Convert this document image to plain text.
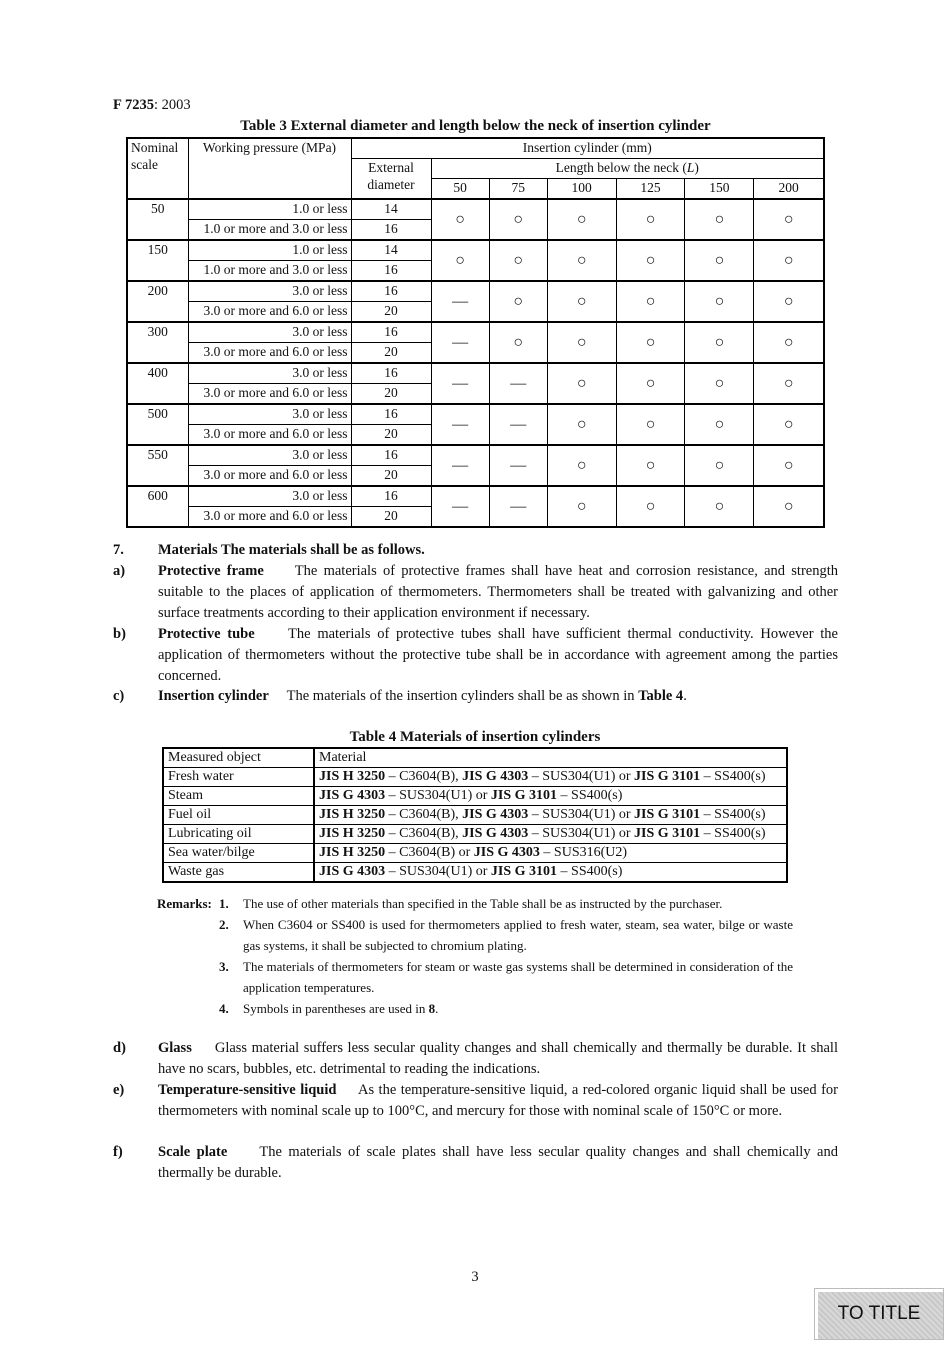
F 7235: 2003
Table 3 External diameter and length below the neck of insertion cylinder
Nominal scale	Working pressure (MPa)	Insertion cylinder (mm)						
		External diameter	Length below the neck (L)					
			50	75	100	125	150	200
50	1.0 or less	14	○	○	○	○	○	○
	1.0 or more and 3.0 or less	16						
150	1.0 or less	14	○	○	○	○	○	○
	1.0 or more and 3.0 or less	16						
200	3.0 or less	16	—	○	○	○	○	○
	3.0 or more and 6.0 or less	20						
300	3.0 or less	16	—	○	○	○	○	○
	3.0 or more and 6.0 or less	20						
400	3.0 or less	16	—	—	○	○	○	○
	3.0 or more and 6.0 or less	20						
500	3.0 or less	16	—	—	○	○	○	○
	3.0 or more and 6.0 or less	20						
550	3.0 or less	16	—	—	○	○	○	○
	3.0 or more and 6.0 or less	20						
600	3.0 or less	16	—	—	○	○	○	○
	3.0 or more and 6.0 or less	20						
7. Materials The materials shall be as follows.
a) Protective frame The materials of protective frames shall have heat and corrosion resistance, and strength suitable to the places of application of thermometers. Thermometers shall be treated with galvanizing and other surface treatments according to their application environment if necessary.
b) Protective tube The materials of protective tubes shall have sufficient thermal conductivity. However the application of thermometers without the protective tube shall be in accordance with agreement among the parties concerned.
c) Insertion cylinder The materials of the insertion cylinders shall be as shown in Table 4.
Table 4 Materials of insertion cylinders
Measured object	Material
Fresh water	JIS H 3250 – C3604(B), JIS G 4303 – SUS304(U1) or JIS G 3101 – SS400(s)
Steam	JIS G 4303 – SUS304(U1) or JIS G 3101 – SS400(s)
Fuel oil	JIS H 3250 – C3604(B), JIS G 4303 – SUS304(U1) or JIS G 3101 – SS400(s)
Lubricating oil	JIS H 3250 – C3604(B), JIS G 4303 – SUS304(U1) or JIS G 3101 – SS400(s)
Sea water/bilge	JIS H 3250 – C3604(B) or JIS G 4303 – SUS316(U2)
Waste gas	JIS G 4303 – SUS304(U1) or JIS G 3101 – SS400(s)
Remarks: 1. The use of other materials than specified in the Table shall be as instructed by the purchaser.
2. When C3604 or SS400 is used for thermometers applied to fresh water, steam, sea water, bilge or waste gas systems, it shall be subjected to chromium plating.
3. The materials of thermometers for steam or waste gas systems shall be determined in consideration of the application temperatures.
4. Symbols in parentheses are used in 8.
d) Glass Glass material suffers less secular quality changes and shall chemically and thermally be durable. It shall have no scars, bubbles, etc. detrimental to reading the indications.
e) Temperature-sensitive liquid As the temperature-sensitive liquid, a red-colored organic liquid shall be used for thermometers with nominal scale up to 100°C, and mercury for those with nominal scale of 150°C or more.
f) Scale plate The materials of scale plates shall have less secular quality changes and shall chemically and thermally be durable.
3
TO TITLE
